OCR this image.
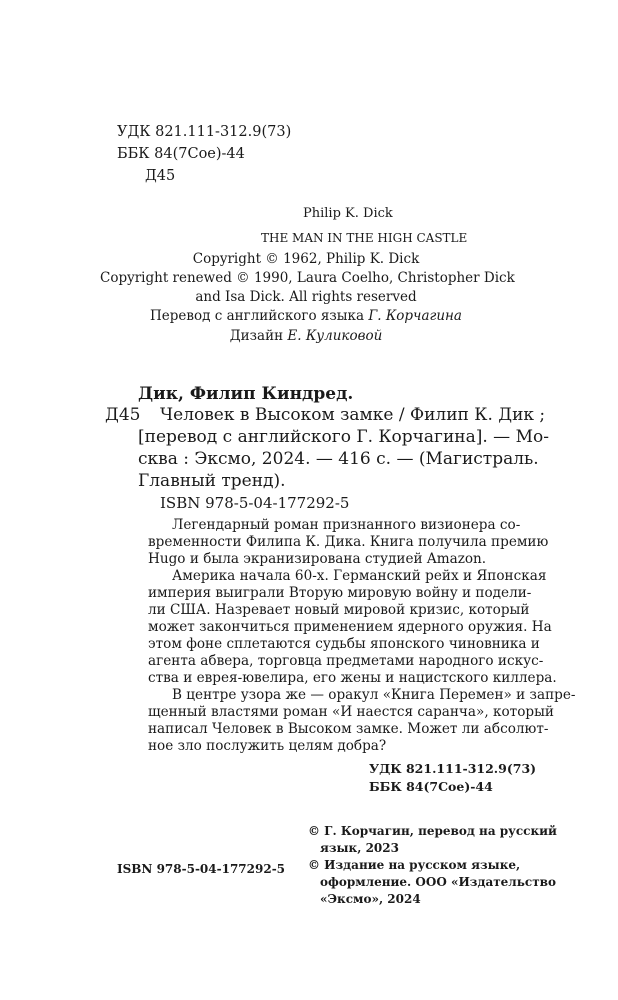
УДК 821.111-312.9(73)
ББК 84(7Сое)-44
Д45
Philip K. Dick
THE MAN IN THE HIGH CASTLE
Copyright © 1962, Philip K. Dick
Copyright renewed © 1990, Laura Coelho, Christopher Dick
and Isa Dick. All rights reserved
Перевод с английского языка Г. Корчагина
Дизайн Е. Куликовой
Дик, Филип Киндред.
Д45 Человек в Высоком замке / Филип К. Дик ;
[перевод с английского Г. Корчагина]. — Мо-
сква : Эксмо, 2024. — 416 с. — (Магистраль.
Главный тренд).
ISBN 978-5-04-177292-5
Легендарный роман признанного визионера со-
временности Филипа К. Дика. Книга получила премию
Hugo и была экранизирована студией Amazon.
Америка начала 60-х. Германский рейх и Японская
империя выиграли Вторую мировую войну и подели-
ли США. Назревает новый мировой кризис, который
может закончиться применением ядерного оружия. На
этом фоне сплетаются судьбы японского чиновника и
агента абвера, торговца предметами народного искус-
ства и еврея-ювелира, его жены и нацистского киллера.
В центре узора же — оракул «Книга Перемен» и запре-
щенный властями роман «И наестся саранча», который
написал Человек в Высоком замке. Может ли абсолют-
ное зло послужить целям добра?
УДК 821.111-312.9(73)
ББК 84(7Сое)-44
ISBN 978-5-04-177292-5
© Г. Корчагин, перевод на русский
язык, 2023
© Издание на русском языке,
оформление. ООО «Издательство
«Эксмо», 2024
